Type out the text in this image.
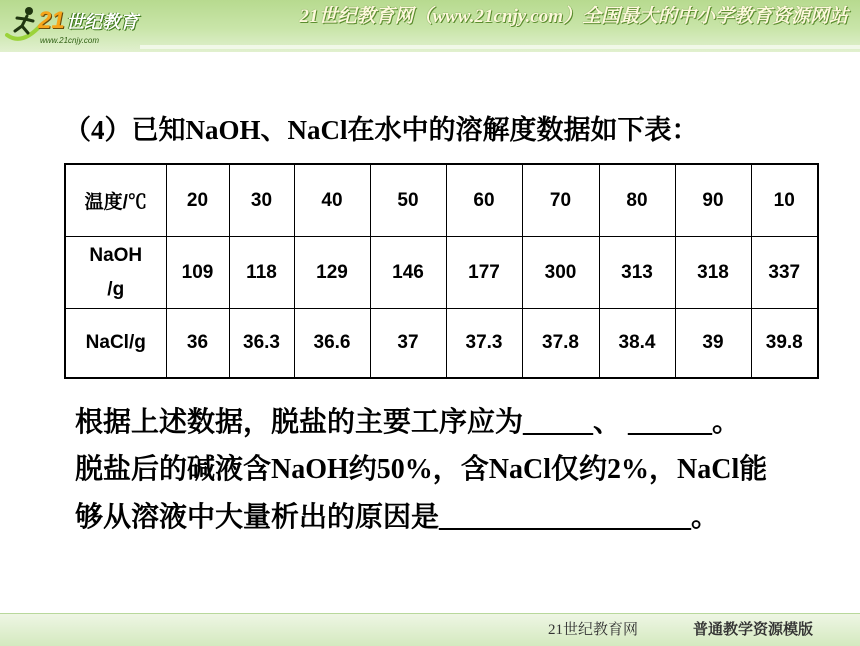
21 世纪教育
www.21cnjy.com
21世纪教育网（www.21cnjy.com）全国最大的中小学教育资源网站
（4）已知NaOH、NaCl在水中的溶解度数据如下表：
温度/℃	20	30	40	50	60	70	80	90	10

NaOH
/g	109	118	129	146	177	300	313	318	337
NaCl/g	36	36.3	36.6	37	37.3	37.8	38.4	39	39.8
根据上述数据，脱盐的主要工序应为_____、 ______。
脱盐后的碱液含NaOH约50%，含NaCl仅约2%，NaCl能
够从溶液中大量析出的原因是__________________。
21世纪教育网	普通教学资源模版
